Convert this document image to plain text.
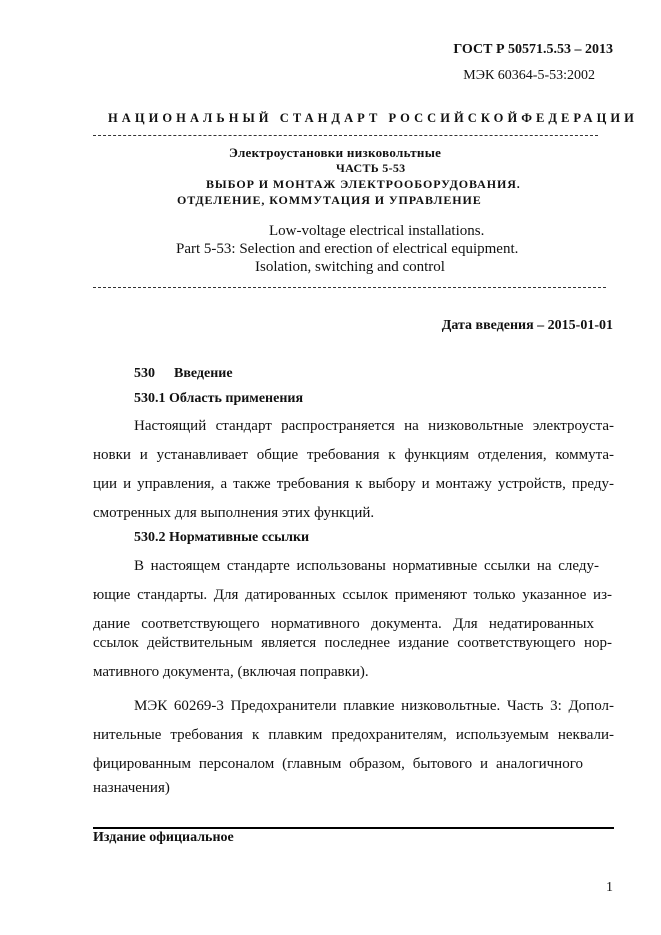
ГОСТ Р 50571.5.53 – 2013
МЭК 60364-5-53:2002
НАЦИОНАЛЬНЫЙ СТАНДАРТ РОССИЙСКОЙФЕДЕРАЦИИ
Электроустановки низковольтные
ЧАСТЬ 5-53
ВЫБОР И МОНТАЖ ЭЛЕКТРООБОРУДОВАНИЯ.
ОТДЕЛЕНИЕ, КОММУТАЦИЯ И УПРАВЛЕНИЕ
Low-voltage electrical installations.
Part 5-53: Selection and erection of electrical equipment.
Isolation, switching and control
Дата введения – 2015-01-01
530 Введение
530.1 Область применения
Настоящий стандарт распространяется на низковольтные электроуста-
новки и устанавливает общие требования к функциям отделения, коммута-
ции и управления, а также требования к выбору и монтажу устройств, преду-
смотренных для выполнения этих функций.
530.2 Нормативные ссылки
В настоящем стандарте использованы нормативные ссылки на следу-
ющие стандарты. Для датированных ссылок применяют только указанное из-
дание соответствующего нормативного документа. Для недатированных
ссылок действительным является последнее издание соответствующего нор-
мативного документа, (включая поправки).
МЭК 60269-3 Предохранители плавкие низковольтные. Часть 3: Допол-
нительные требования к плавким предохранителям, используемым неквали-
фицированным персоналом (главным образом, бытового и аналогичного
назначения)
Издание официальное
1
